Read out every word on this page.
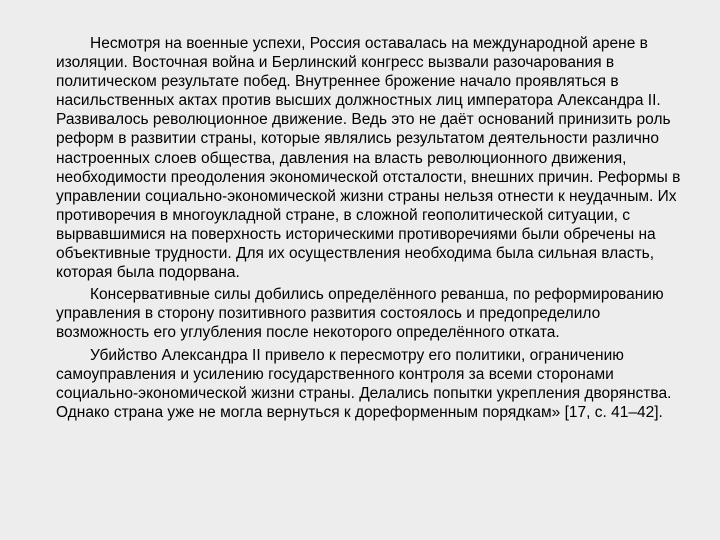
Несмотря на военные успехи, Россия оставалась на международной арене в изоляции. Восточная война и Берлинский конгресс вызвали разочарования в политическом результате побед. Внутреннее брожение начало проявляться в насильственных актах против высших должностных лиц императора Александра II. Развивалось революционное движение. Ведь это не даёт оснований принизить роль реформ в развитии страны, которые являлись результатом деятельности различно настроенных слоев общества, давления на власть революционного движения, необходимости преодоления экономической отсталости, внешних причин. Реформы в управлении социально-экономической жизни страны нельзя отнести к неудачным. Их противоречия в многоукладной стране, в сложной геополитической ситуации, с вырвавшимися на поверхность историческими противоречиями были обречены на объективные трудности. Для их осуществления необходима была сильная власть, которая была подорвана.

Консервативные силы добились определённого реванша, по реформированию управления в сторону позитивного развития состоялось и предопределило возможность его углубления после некоторого определённого отката.

Убийство Александра II привело к пересмотру его политики, ограничению самоуправления и усилению государственного контроля за всеми сторонами социально-экономической жизни страны. Делались попытки укрепления дворянства. Однако страна уже не могла вернуться к дореформенным порядкам» [17, с. 41–42].
